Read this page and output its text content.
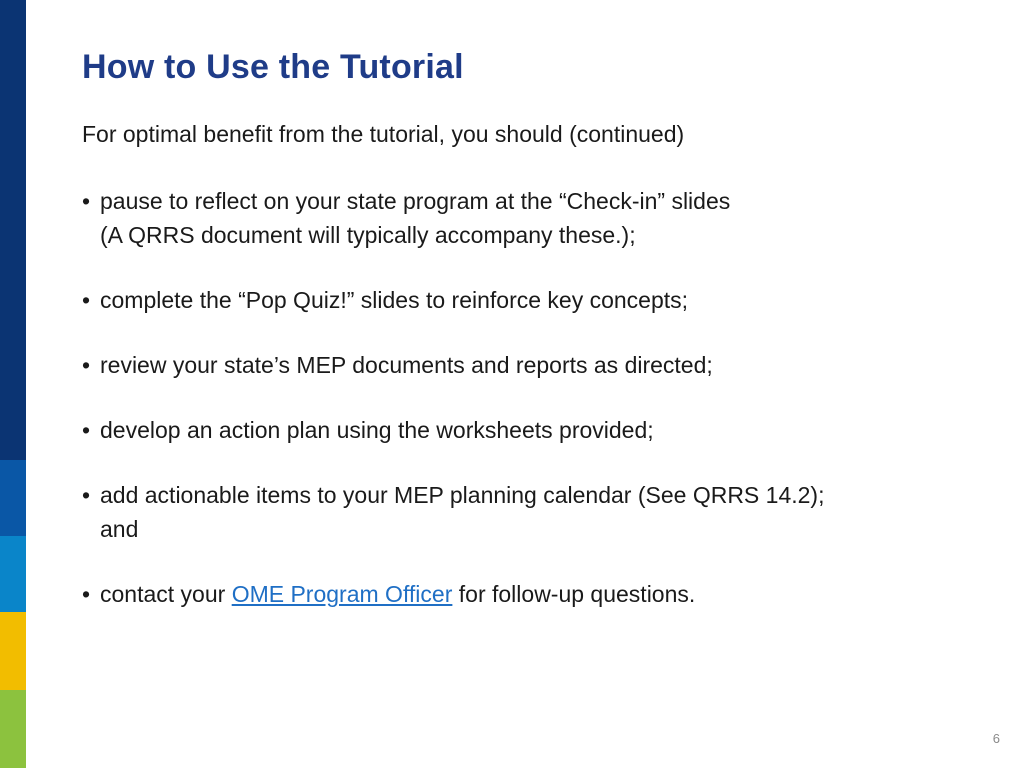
How to Use the Tutorial

For optimal benefit from the tutorial, you should (continued)

• pause to reflect on your state program at the “Check-in” slides
(A QRRS document will typically accompany these.);
• complete the “Pop Quiz!” slides to reinforce key concepts;
• review your state’s MEP documents and reports as directed;
• develop an action plan using the worksheets provided;
• add actionable items to your MEP planning calendar (See QRRS 14.2);
and
• contact your OME Program Officer for follow-up questions.
6
